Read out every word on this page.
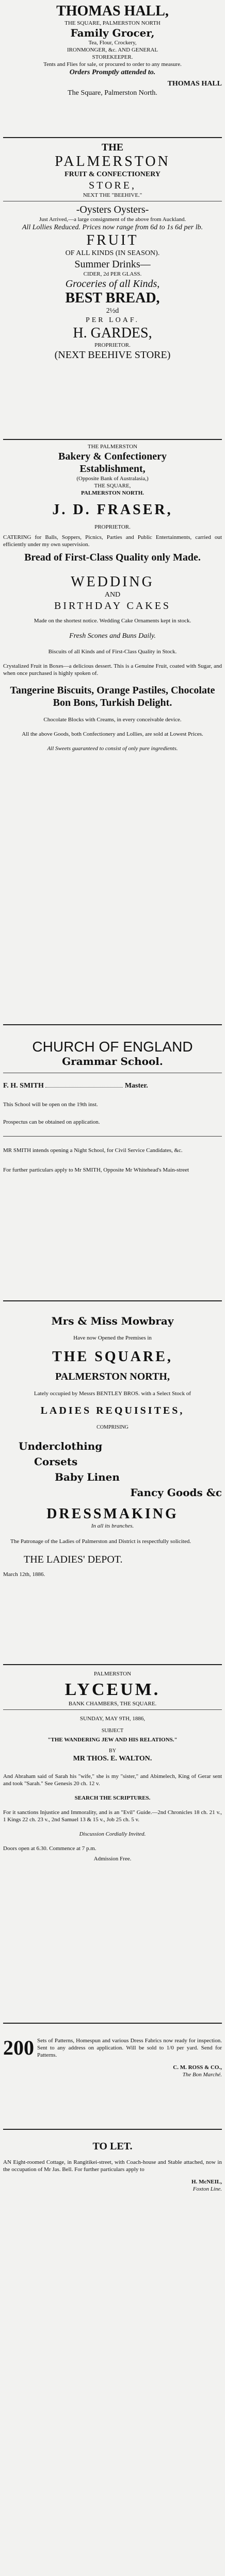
THOMAS HALL,
THE SQUARE, PALMERSTON NORTH
Family Grocer,
Tea, Flour, Crockery,
IRONMONGER, &c. AND GENERAL
STOREKEEPER.
Tents and Flies for sale, or procured to order to any measure.
Orders Promptly attended to.
THOMAS HALL
The Square, Palmerston North.
THE
PALMERSTON
FRUIT & CONFECTIONERY
STORE,
NEXT THE "BEEHIVE."
-Oysters Oysters-
Just Arrived,—a large consignment of the above from Auckland.
All Lollies Reduced. Prices now range from 6d to 1s 6d per lb.
FRUIT
OF ALL KINDS (IN SEASON).
Summer Drinks—
CIDER, 2d PER GLASS.
Groceries of all Kinds,
BEST BREAD,
2½d
PER LOAF.
H. GARDES,
PROPRIETOR.
(NEXT BEEHIVE STORE)
THE PALMERSTON
Bakery & Confectionery
Establishment,
(Opposite Bank of Australasia,)
THE SQUARE,
PALMERSTON NORTH.
J. D. FRASER,
PROPRIETOR.
CATERING for Balls, Soppers, Picnics, Parties and Public Entertainments, carried out efficiently under my own supervision.
Bread of First-Class Quality only Made.
WEDDING
AND
BIRTHDAY CAKES
Made on the shortest notice. Wedding Cake Ornaments kept in stock.
Fresh Scones and Buns Daily.
Biscuits of all Kinds and of First-Class Quality in Stock.
Crystalized Fruit in Boxes—a delicious dessert. This is a Genuine Fruit, coated with Sugar, and when once purchased is highly spoken of.
Tangerine Biscuits, Orange Pastiles, Chocolate Bon Bons, Turkish Delight.
Chocolate Blocks with Creams, in every conceivable device.
All the above Goods, both Confectionery and Lollies, are sold at Lowest Prices.
All Sweets guaranteed to consist of only pure ingredients.
CHURCH OF ENGLAND
Grammar School.
F. H. SMITH	Master.
This School will be open on the 19th inst.
Prospectus can be obtained on application.
MR SMITH intends opening a Night School, for Civil Service Candidates, &c.
For further particulars apply to Mr SMITH, Opposite Mr Whitehead's Main-street
Mrs & Miss Mowbray
Have now Opened the Premises in
THE SQUARE,
PALMERSTON NORTH,
Lately occupied by Messrs BENTLEY BROS. with a Select Stock of
LADIES REQUISITES,
COMPRISING
Underclothing
Corsets
Baby Linen
Fancy Goods &c
DRESSMAKING
In all its branches.
The Patronage of the Ladies of Palmerston and District is respectfully solicited.
THE LADIES' DEPOT.
March 12th, 1886.
PALMERSTON
LYCEUM.
BANK CHAMBERS, THE SQUARE.
SUNDAY, MAY 9TH, 1886,
SUBJECT
"THE WANDERING JEW AND HIS RELATIONS."
BY
MR THOS. E. WALTON.
And Abraham said of Sarah his "wife," she is my "sister," and Abimelech, King of Gerar sent and took "Sarah." See Genesis 20 ch. 12 v.
SEARCH THE SCRIPTURES.
For it sanctions Injustice and Immorality, and is an "Evil" Guide.—2nd Chronicles 18 ch. 21 v., 1 Kings 22 ch. 23 v., 2nd Samuel 13 & 15 v., Job 25 ch. 5 v.
Discussion Cordially Invited.
Doors open at 6.30. Commence at 7 p.m.
Admission Free.
200 Sets of Patterns, Homespun and various Dress Fabrics now ready for inspection. Sent to any address on application. Will be sold to 1/0 per yard. Send for Patterns.
C. M. ROSS & CO.,
The Bon Marché.
TO LET.
AN Eight-roomed Cottage, in Rangitikei-street, with Coach-house and Stable attached, now in the occupation of Mr Jas. Bell. For further particulars apply to
H. McNEIL,
Foxton Line.
